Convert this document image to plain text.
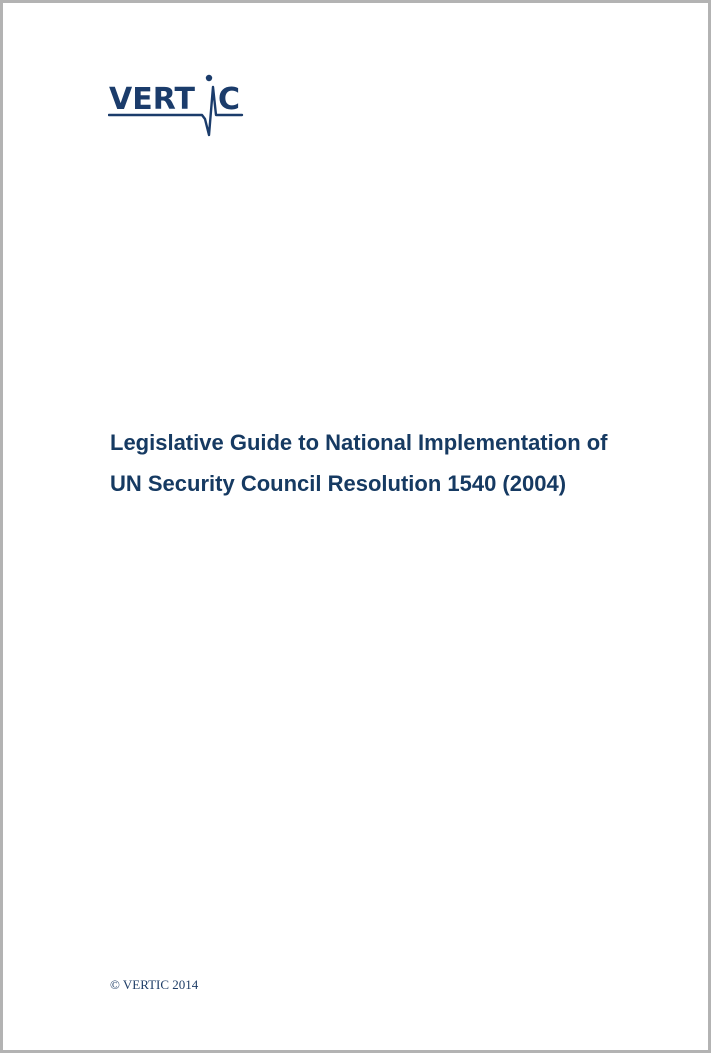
VERT C
Legislative Guide to National Implementation of
UN Security Council Resolution 1540 (2004)
© VERTIC 2014
